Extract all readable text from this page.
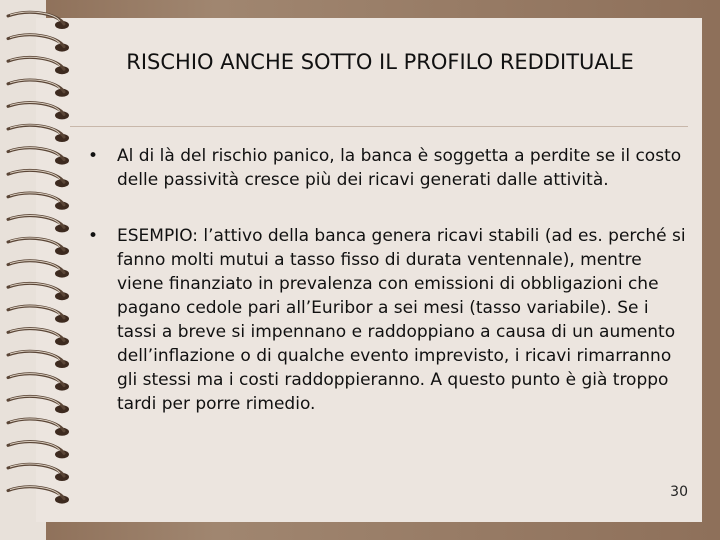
RISCHIO ANCHE SOTTO IL PROFILO REDDITUALE
• Al di là del rischio panico, la banca è soggetta a perdite se il costo delle passività cresce più dei ricavi generati dalle attività.
• ESEMPIO: l’attivo della banca genera ricavi stabili (ad es. perché si fanno molti mutui a tasso fisso di durata ventennale), mentre viene finanziato in prevalenza con emissioni di obbligazioni che pagano cedole pari all’Euribor a sei mesi (tasso variabile). Se i tassi a breve si impennano e raddoppiano a causa di un aumento dell’inflazione o di qualche evento imprevisto, i ricavi rimarranno gli stessi ma i costi raddoppieranno. A questo punto è già troppo tardi per porre rimedio.
30
